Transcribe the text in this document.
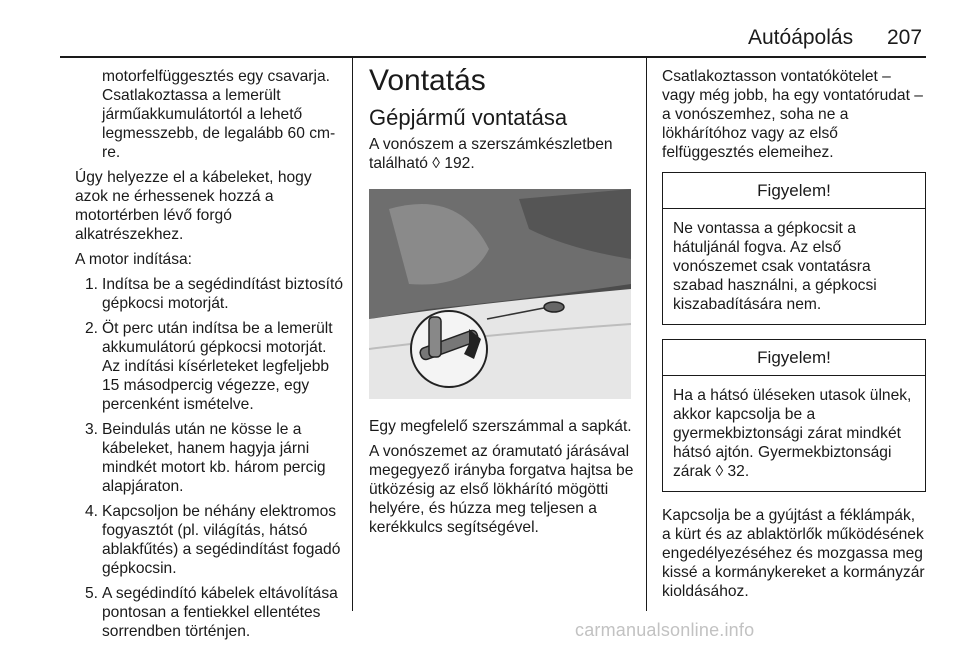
Autóápolás 207

motorfelfüggesztés egy csavarja. Csatlakoztassa a lemerült járműakkumulátortól a lehető legmesszebb, de legalább 60 cm-re.

Úgy helyezze el a kábeleket, hogy azok ne érhessenek hozzá a motortérben lévő forgó alkatrészekhez.

A motor indítása:

1. Indítsa be a segédindítást biztosító gépkocsi motorját.
2. Öt perc után indítsa be a lemerült akkumulátorú gépkocsi motorját. Az indítási kísérleteket legfeljebb 15 másodpercig végezze, egy percenként ismételve.
3. Beindulás után ne kösse le a kábeleket, hanem hagyja járni mindkét motort kb. három percig alapjáraton.
4. Kapcsoljon be néhány elektromos fogyasztót (pl. világítás, hátsó ablakfűtés) a segédindítást fogadó gépkocsin.
5. A segédindító kábelek eltávolítása pontosan a fentiekkel ellentétes sorrendben történjen.
Vontatás
Gépjármű vontatása

A vonószem a szerszámkészletben található ◊ 192.

Egy megfelelő szerszámmal a sapkát.

A vonószemet az óramutató járásával megegyező irányba forgatva hajtsa be ütközésig az első lökhárító mögötti helyére, és húzza meg teljesen a kerékkulcs segítségével.

Csatlakoztasson vontatókötelet – vagy még jobb, ha egy vontatórudat – a vonószemhez, soha ne a lökhárítóhoz vagy az első felfüggesztés elemeihez.

Figyelem!
Ne vontassa a gépkocsit a hátuljánál fogva. Az első vonószemet csak vontatásra szabad használni, a gépkocsi kiszabadítására nem.
Figyelem!
Ha a hátsó üléseken utasok ülnek, akkor kapcsolja be a gyermekbiztonsági zárat mindkét hátsó ajtón. Gyermekbiztonsági zárak ◊ 32.

Kapcsolja be a gyújtást a féklámpák, a kürt és az ablaktörlők működésének engedélyezéséhez és mozgassa meg kissé a kormánykereket a kormányzár kioldásához.

carmanualsonline.info
